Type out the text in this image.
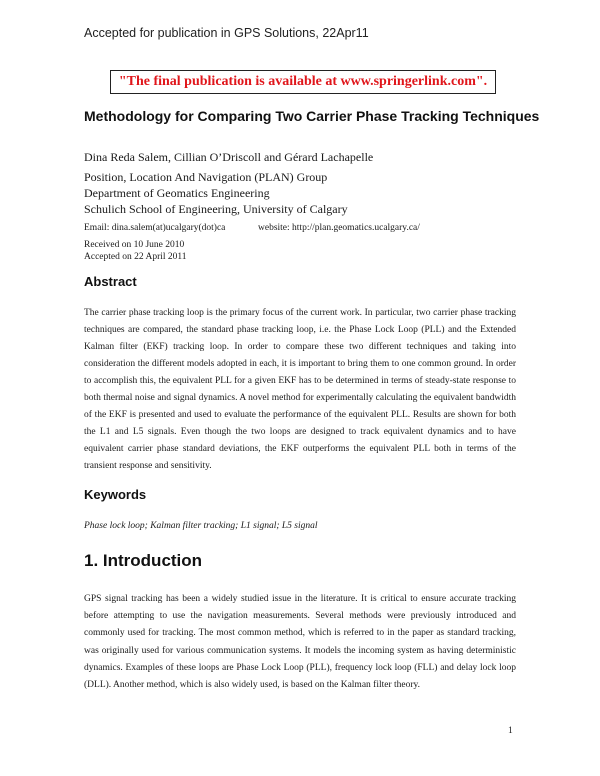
Accepted for publication in GPS Solutions, 22Apr11
"The final publication is available at www.springerlink.com".
Methodology for Comparing Two Carrier Phase Tracking Techniques
Dina Reda Salem, Cillian O’Driscoll and Gérard Lachapelle
Position, Location And Navigation (PLAN) Group
Department of Geomatics Engineering
Schulich School of Engineering, University of Calgary
Email: dina.salem(at)ucalgary(dot)ca	website: http://plan.geomatics.ucalgary.ca/
Received on 10 June 2010
Accepted on 22 April 2011
Abstract
The carrier phase tracking loop is the primary focus of the current work. In particular, two carrier phase tracking techniques are compared, the standard phase tracking loop, i.e. the Phase Lock Loop (PLL) and the Extended Kalman filter (EKF) tracking loop. In order to compare these two different techniques and taking into consideration the different models adopted in each, it is important to bring them to one common ground. In order to accomplish this, the equivalent PLL for a given EKF has to be determined in terms of steady-state response to both thermal noise and signal dynamics. A novel method for experimentally calculating the equivalent bandwidth of the EKF is presented and used to evaluate the performance of the equivalent PLL. Results are shown for both the L1 and L5 signals. Even though the two loops are designed to track equivalent dynamics and to have equivalent carrier phase standard deviations, the EKF outperforms the equivalent PLL both in terms of the transient response and sensitivity.
Keywords
Phase lock loop; Kalman filter tracking; L1 signal; L5 signal
1. Introduction
GPS signal tracking has been a widely studied issue in the literature. It is critical to ensure accurate tracking before attempting to use the navigation measurements. Several methods were previously introduced and commonly used for tracking. The most common method, which is referred to in the paper as standard tracking, was originally used for various communication systems. It models the incoming system as having deterministic dynamics. Examples of these loops are Phase Lock Loop (PLL), frequency lock loop (FLL) and delay lock loop (DLL). Another method, which is also widely used, is based on the Kalman filter theory.
1
